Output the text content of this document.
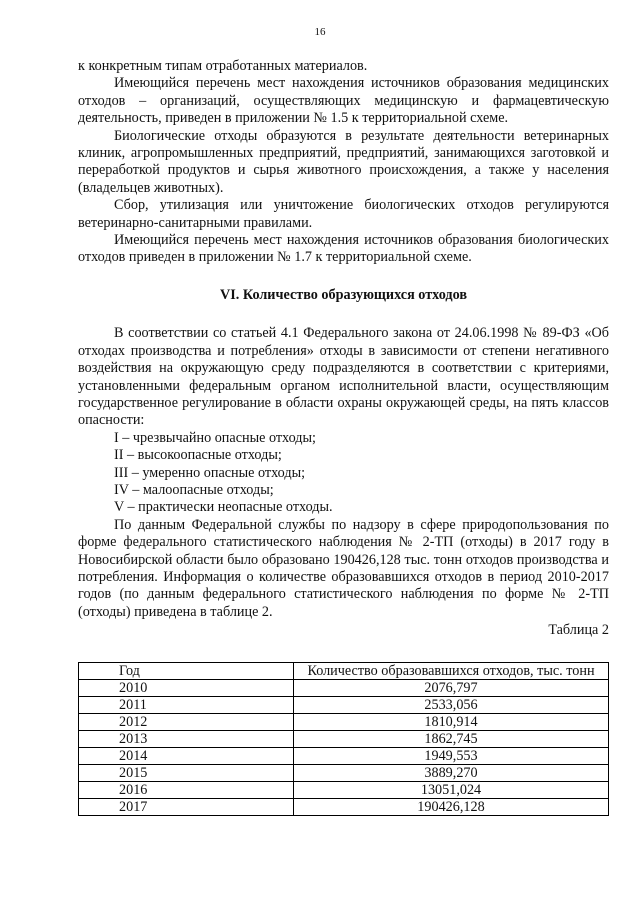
16

к конкретным типам отработанных материалов.

Имеющийся перечень мест нахождения источников образования медицинских отходов – организаций, осуществляющих медицинскую и фармацевтическую деятельность, приведен в приложении № 1.5 к территориальной схеме.

Биологические отходы образуются в результате деятельности ветеринарных клиник, агропромышленных предприятий, предприятий, занимающихся заготовкой и переработкой продуктов и сырья животного происхождения, а также у населения (владельцев животных).

Сбор, утилизация или уничтожение биологических отходов регулируются ветеринарно-санитарными правилами.

Имеющийся перечень мест нахождения источников образования биологических отходов приведен в приложении № 1.7 к территориальной схеме.

VI. Количество образующихся отходов

В соответствии со статьей 4.1 Федерального закона от 24.06.1998 № 89-ФЗ «Об отходах производства и потребления» отходы в зависимости от степени негативного воздействия на окружающую среду подразделяются в соответствии с критериями, установленными федеральным органом исполнительной власти, осуществляющим государственное регулирование в области охраны окружающей среды, на пять классов опасности:

I – чрезвычайно опасные отходы;

II – высокоопасные отходы;

III – умеренно опасные отходы;

IV – малоопасные отходы;

V – практически неопасные отходы.

По данным Федеральной службы по надзору в сфере природопользования по форме федерального статистического наблюдения № 2-ТП (отходы) в 2017 году в Новосибирской области было образовано 190426,128 тыс. тонн отходов производства и потребления. Информация о количестве образовавшихся отходов в период 2010-2017 годов (по данным федерального статистического наблюдения по форме № 2-ТП (отходы) приведена в таблице 2.

Таблица 2

Год	Количество образовавшихся отходов, тыс. тонн
2010	2076,797
2011	2533,056
2012	1810,914
2013	1862,745
2014	1949,553
2015	3889,270
2016	13051,024
2017	190426,128
